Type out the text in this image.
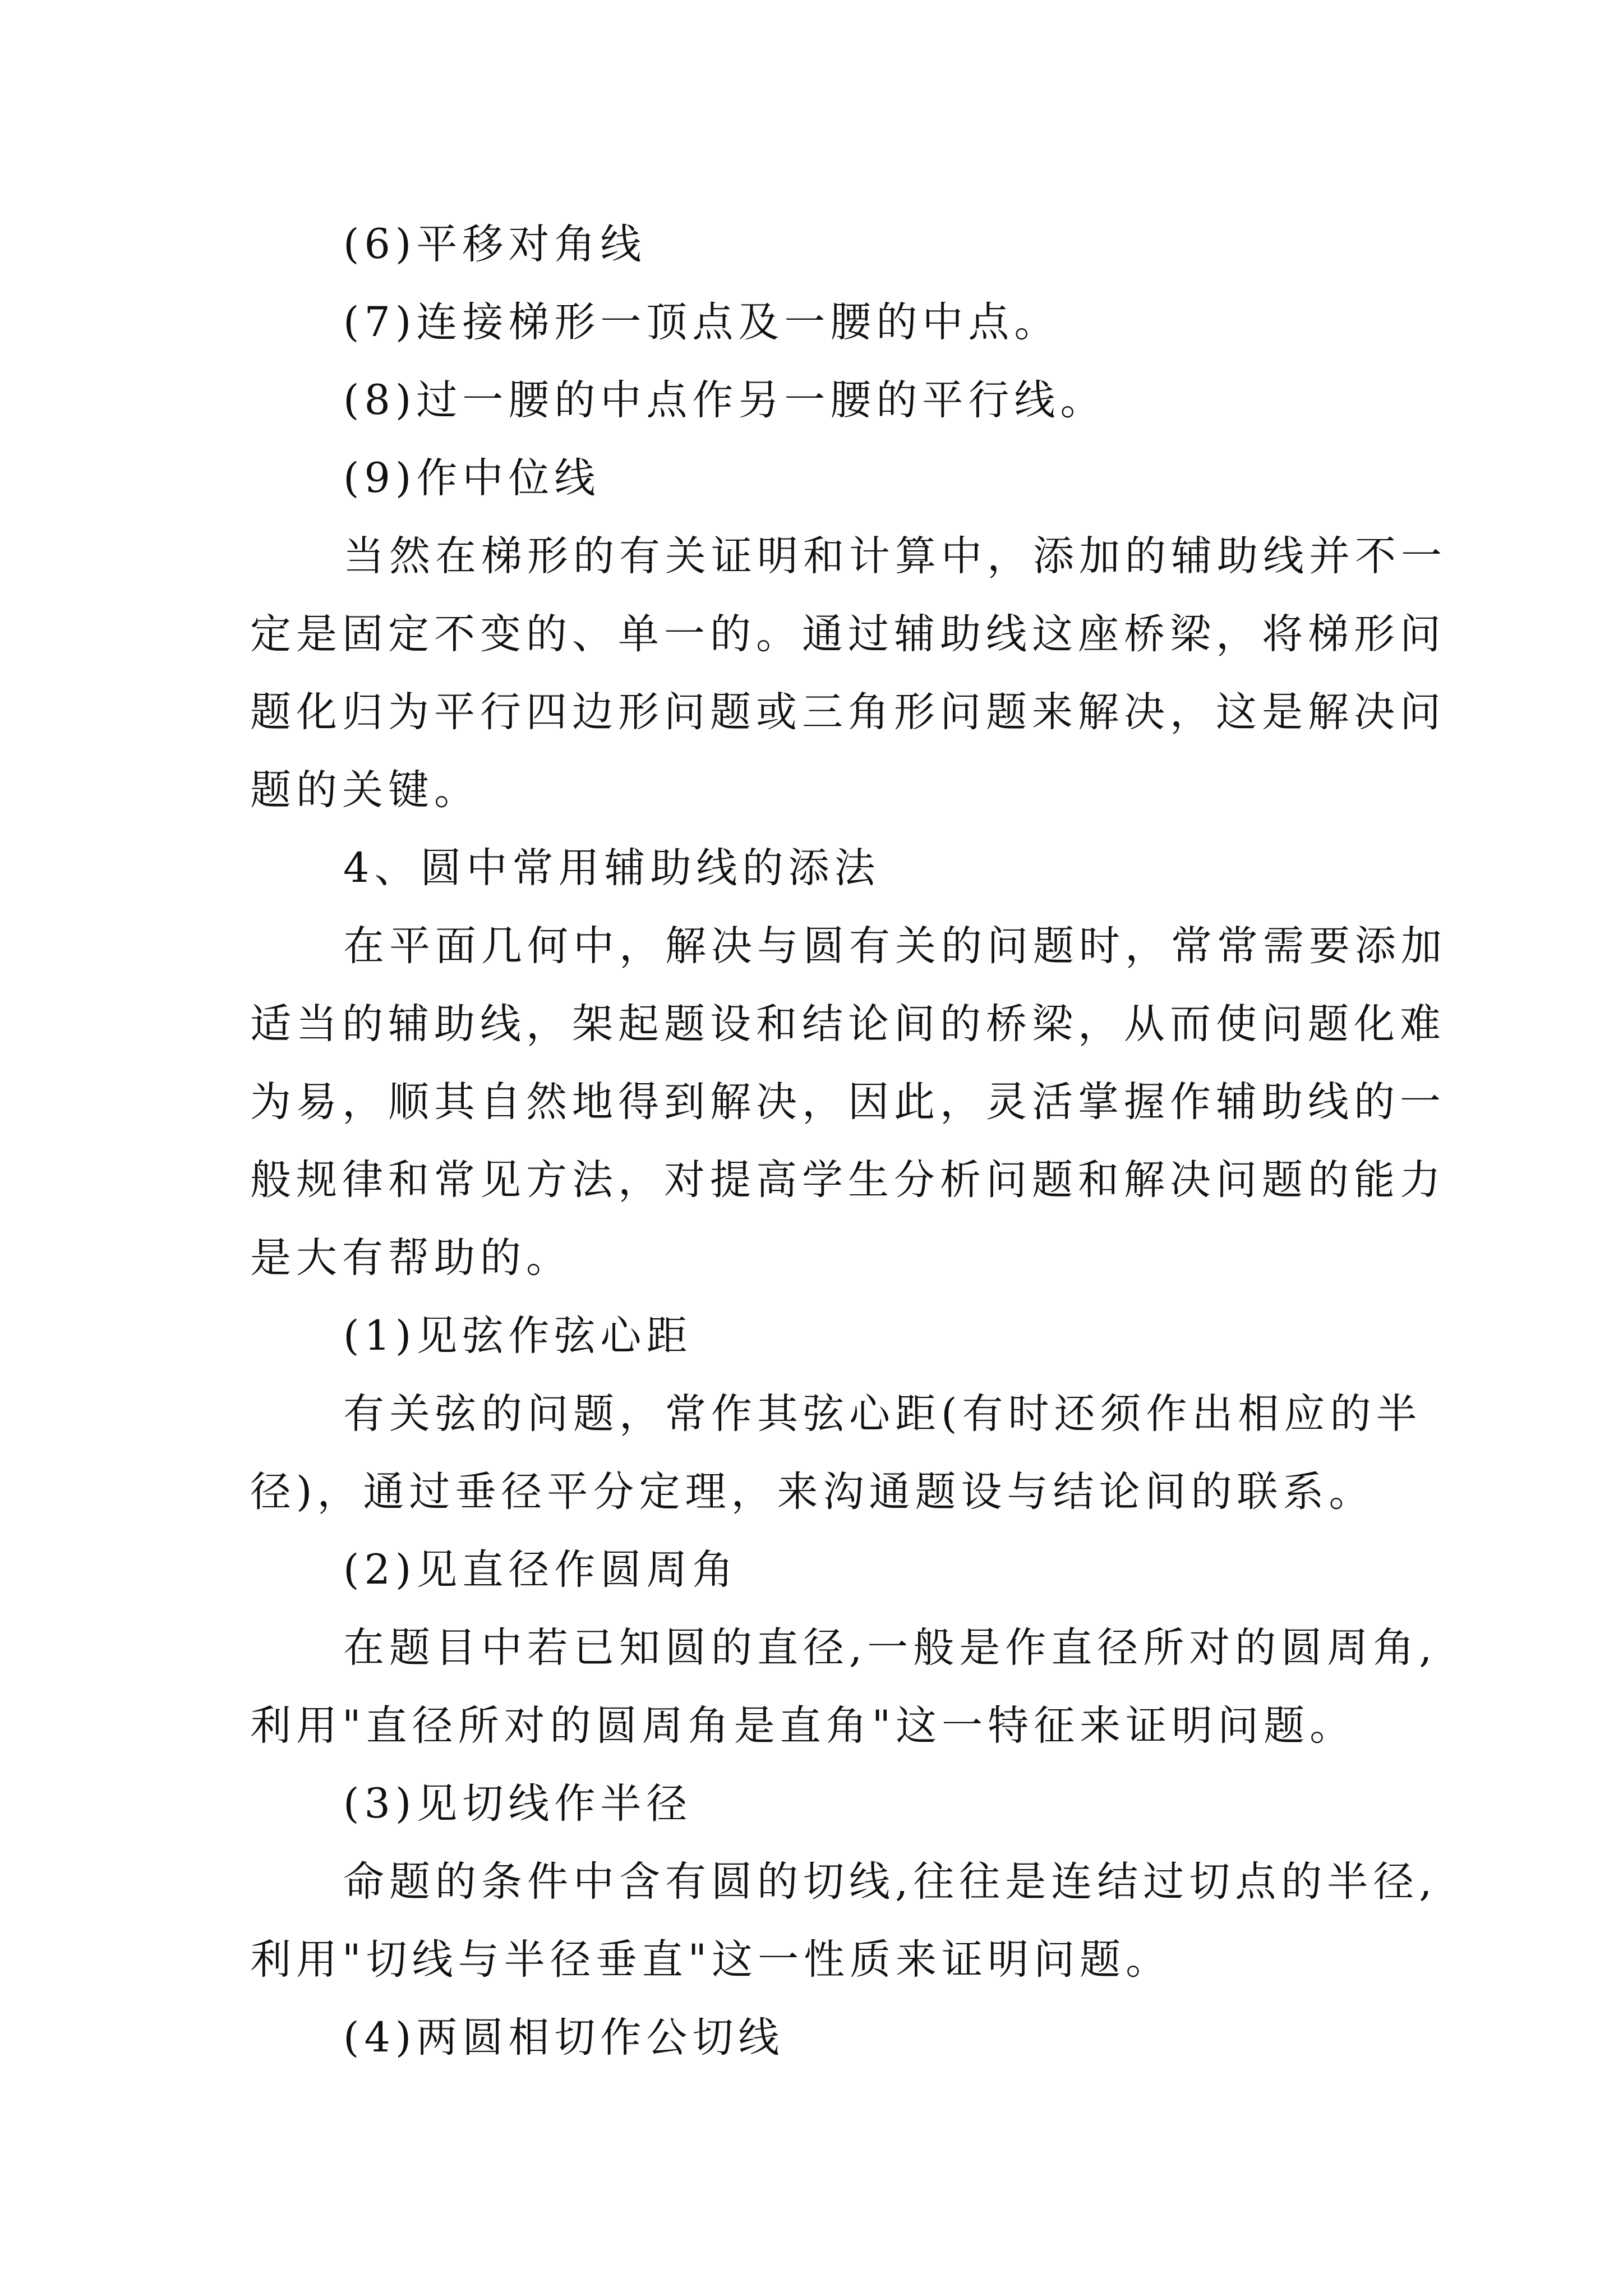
(6)平移对角线
(7)连接梯形一顶点及一腰的中点。
(8)过一腰的中点作另一腰的平行线。
(9)作中位线
当然在梯形的有关证明和计算中，添加的辅助线并不一
定是固定不变的、单一的。通过辅助线这座桥梁，将梯形问
题化归为平行四边形问题或三角形问题来解决，这是解决问
题的关键。
4、圆中常用辅助线的添法
在平面几何中，解决与圆有关的问题时，常常需要添加
适当的辅助线，架起题设和结论间的桥梁，从而使问题化难
为易，顺其自然地得到解决，因此，灵活掌握作辅助线的一
般规律和常见方法，对提高学生分析问题和解决问题的能力
是大有帮助的。
(1)见弦作弦心距
有关弦的问题，常作其弦心距(有时还须作出相应的半
径)，通过垂径平分定理，来沟通题设与结论间的联系。
(2)见直径作圆周角
在题目中若已知圆的直径,一般是作直径所对的圆周角,
利用"直径所对的圆周角是直角"这一特征来证明问题。
(3)见切线作半径
命题的条件中含有圆的切线,往往是连结过切点的半径,
利用"切线与半径垂直"这一性质来证明问题。
(4)两圆相切作公切线
